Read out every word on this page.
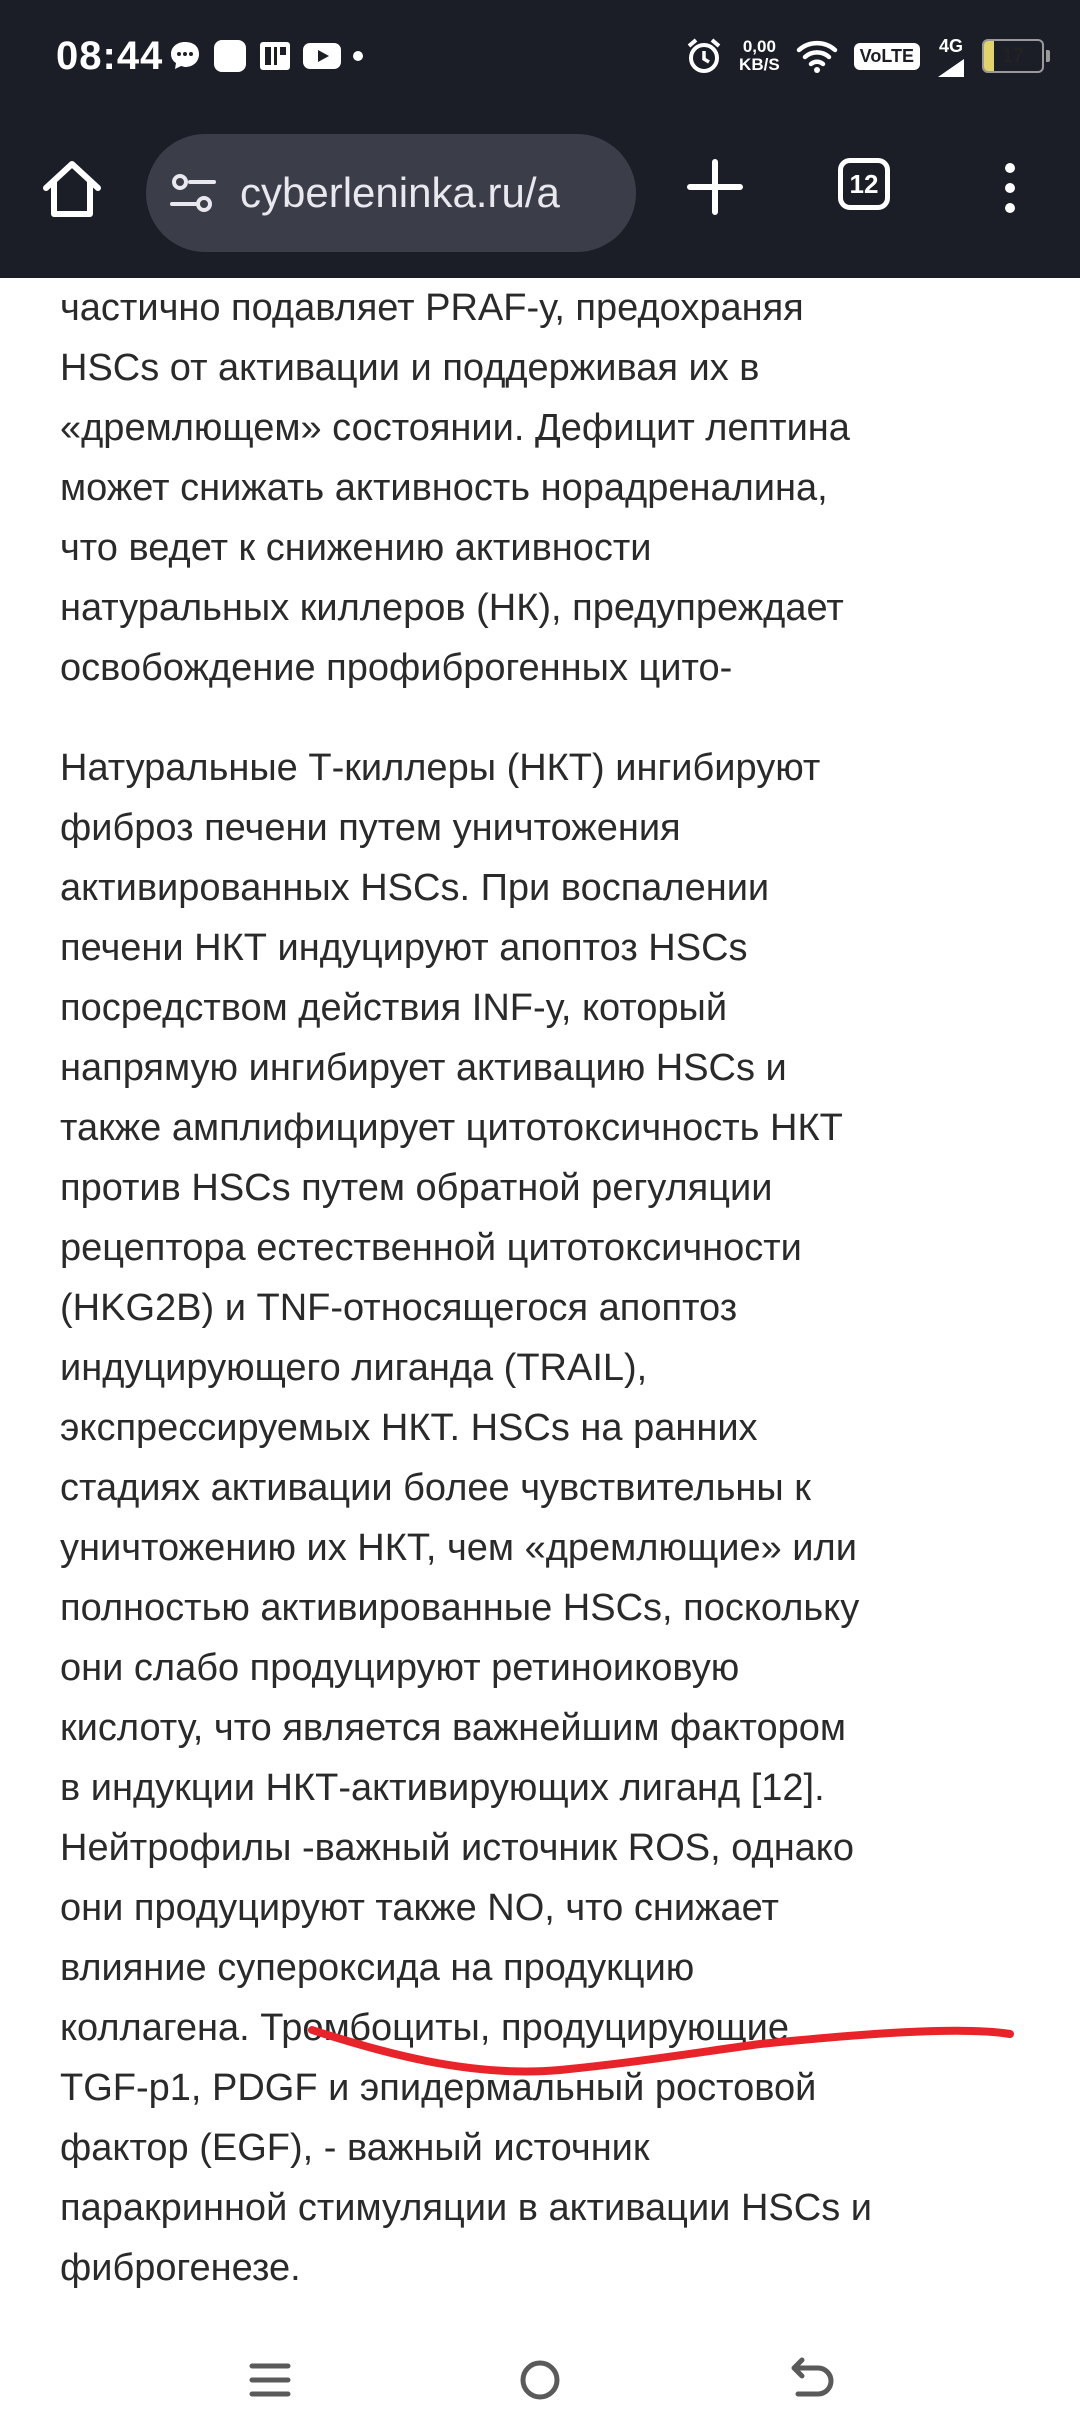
08:44	0,00
KB/S	VoLTE	4G 17
cyberleninka.ru/a	12

частично подавляет PRAF-у, предохраняя

HSCs от активации и поддерживая их в

«дремлющем» состоянии. Дефицит лептина

может снижать активность норадреналина,

что ведет к снижению активности

натуральных киллеров (НК), предупреждает

освобождение профиброгенных цито-

Натуральные Т-киллеры (НКТ) ингибируют

фиброз печени путем уничтожения

активированных HSCs. При воспалении

печени НКТ индуцируют апоптоз HSCs

посредством действия INF-у, который

напрямую ингибирует активацию HSCs и

также амплифицирует цитотоксичность НКТ

против HSCs путем обратной регуляции

рецептора естественной цитотоксичности

(HKG2B) и TNF-относящегося апоптоз

индуцирующего лиганда (TRAIL),

экспрессируемых НКТ. HSCs на ранних

стадиях активации более чувствительны к

уничтожению их НКТ, чем «дремлющие» или

полностью активированные HSCs, поскольку

они слабо продуцируют ретиноиковую

кислоту, что является важнейшим фактором

в индукции НКТ-активирующих лиганд [12].

Нейтрофилы -важный источник ROS, однако

они продуцируют также NO, что снижает

влияние супероксида на продукцию

коллагена. Тромбоциты, продуцирующие

TGF-р1, PDGF и эпидермальный ростовой

фактор (EGF), - важный источник

паракринной стимуляции в активации HSCs и

фиброгенезе.
